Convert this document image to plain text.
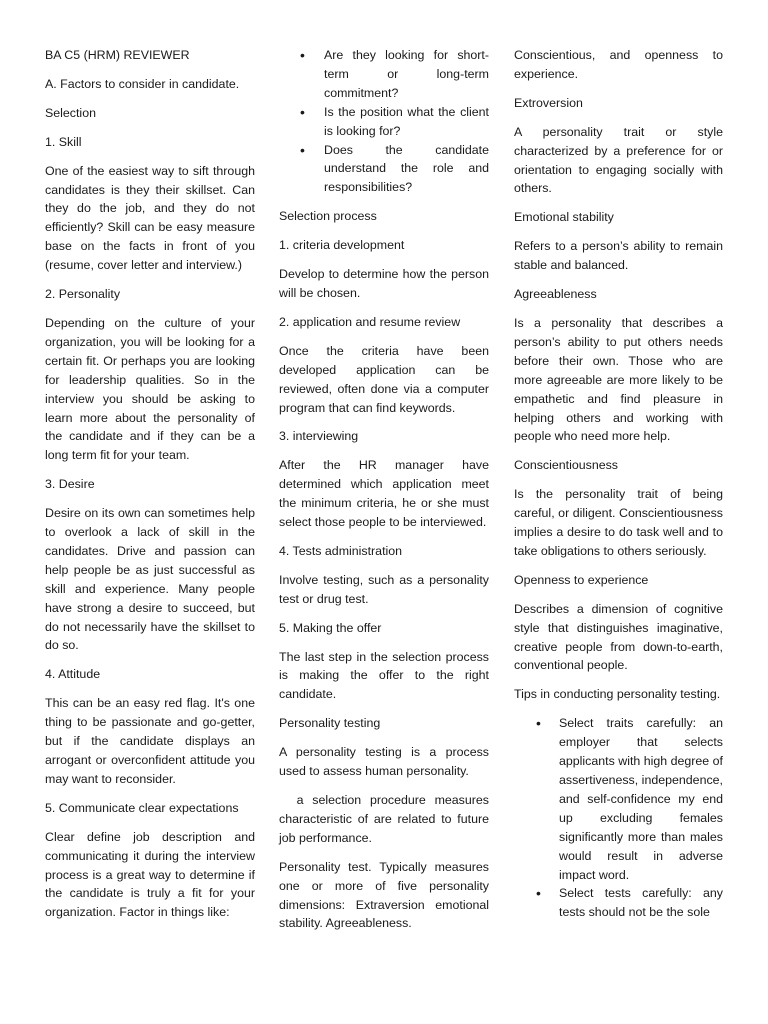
BA C5 (HRM) REVIEWER

A. Factors to consider in candidate.

Selection

1. Skill

One of the easiest way to sift through candidates is they their skillset. Can they do the job, and they do not efficiently? Skill can be easy measure base on the facts in front of you (resume, cover letter and interview.)

2. Personality

Depending on the culture of your organization, you will be looking for a certain fit. Or perhaps you are looking for leadership qualities. So in the interview you should be asking to learn more about the personality of the candidate and if they can be a long term fit for your team.

3. Desire

Desire on its own can sometimes help to overlook a lack of skill in the candidates. Drive and passion can help people be as just successful as skill and experience. Many people have strong a desire to succeed, but do not necessarily have the skillset to do so.

4. Attitude

This can be an easy red flag. It's one thing to be passionate and go-getter, but if the candidate displays an arrogant or overconfident attitude you may want to reconsider.

5. Communicate clear expectations

Clear define job description and communicating it during the interview process is a great way to determine if the candidate is truly a fit for your organization. Factor in things like:

• Are they looking for short-term or long-term commitment?
• Is the position what the client is looking for?
• Does the candidate understand the role and responsibilities?

Selection process

1. criteria development

Develop to determine how the person will be chosen.

2. application and resume review

Once the criteria have been developed application can be reviewed, often done via a computer program that can find keywords.

3. interviewing

After the HR manager have determined which application meet the minimum criteria, he or she must select those people to be interviewed.

4. Tests administration

Involve testing, such as a personality test or drug test.

5. Making the offer

The last step in the selection process is making the offer to the right candidate.

Personality testing

A personality testing is a process used to assess human personality.

a selection procedure measures characteristic of are related to future job performance.

Personality test. Typically measures one or more of five personality dimensions: Extraversion emotional stability. Agreeableness.

Conscientious, and openness to experience.

Extroversion

A personality trait or style characterized by a preference for or orientation to engaging socially with others.

Emotional stability

Refers to a person’s ability to remain stable and balanced.

Agreeableness

Is a personality that describes a person’s ability to put others needs before their own. Those who are more agreeable are more likely to be empathetic and find pleasure in helping others and working with people who need more help.

Conscientiousness

Is the personality trait of being careful, or diligent. Conscientiousness implies a desire to do task well and to take obligations to others seriously.

Openness to experience

Describes a dimension of cognitive style that distinguishes imaginative, creative people from down-to-earth, conventional people.

Tips in conducting personality testing.

• Select traits carefully: an employer that selects applicants with high degree of assertiveness, independence, and self-confidence my end up excluding females significantly more than males would result in adverse impact word.
• Select tests carefully: any tests should not be the sole
